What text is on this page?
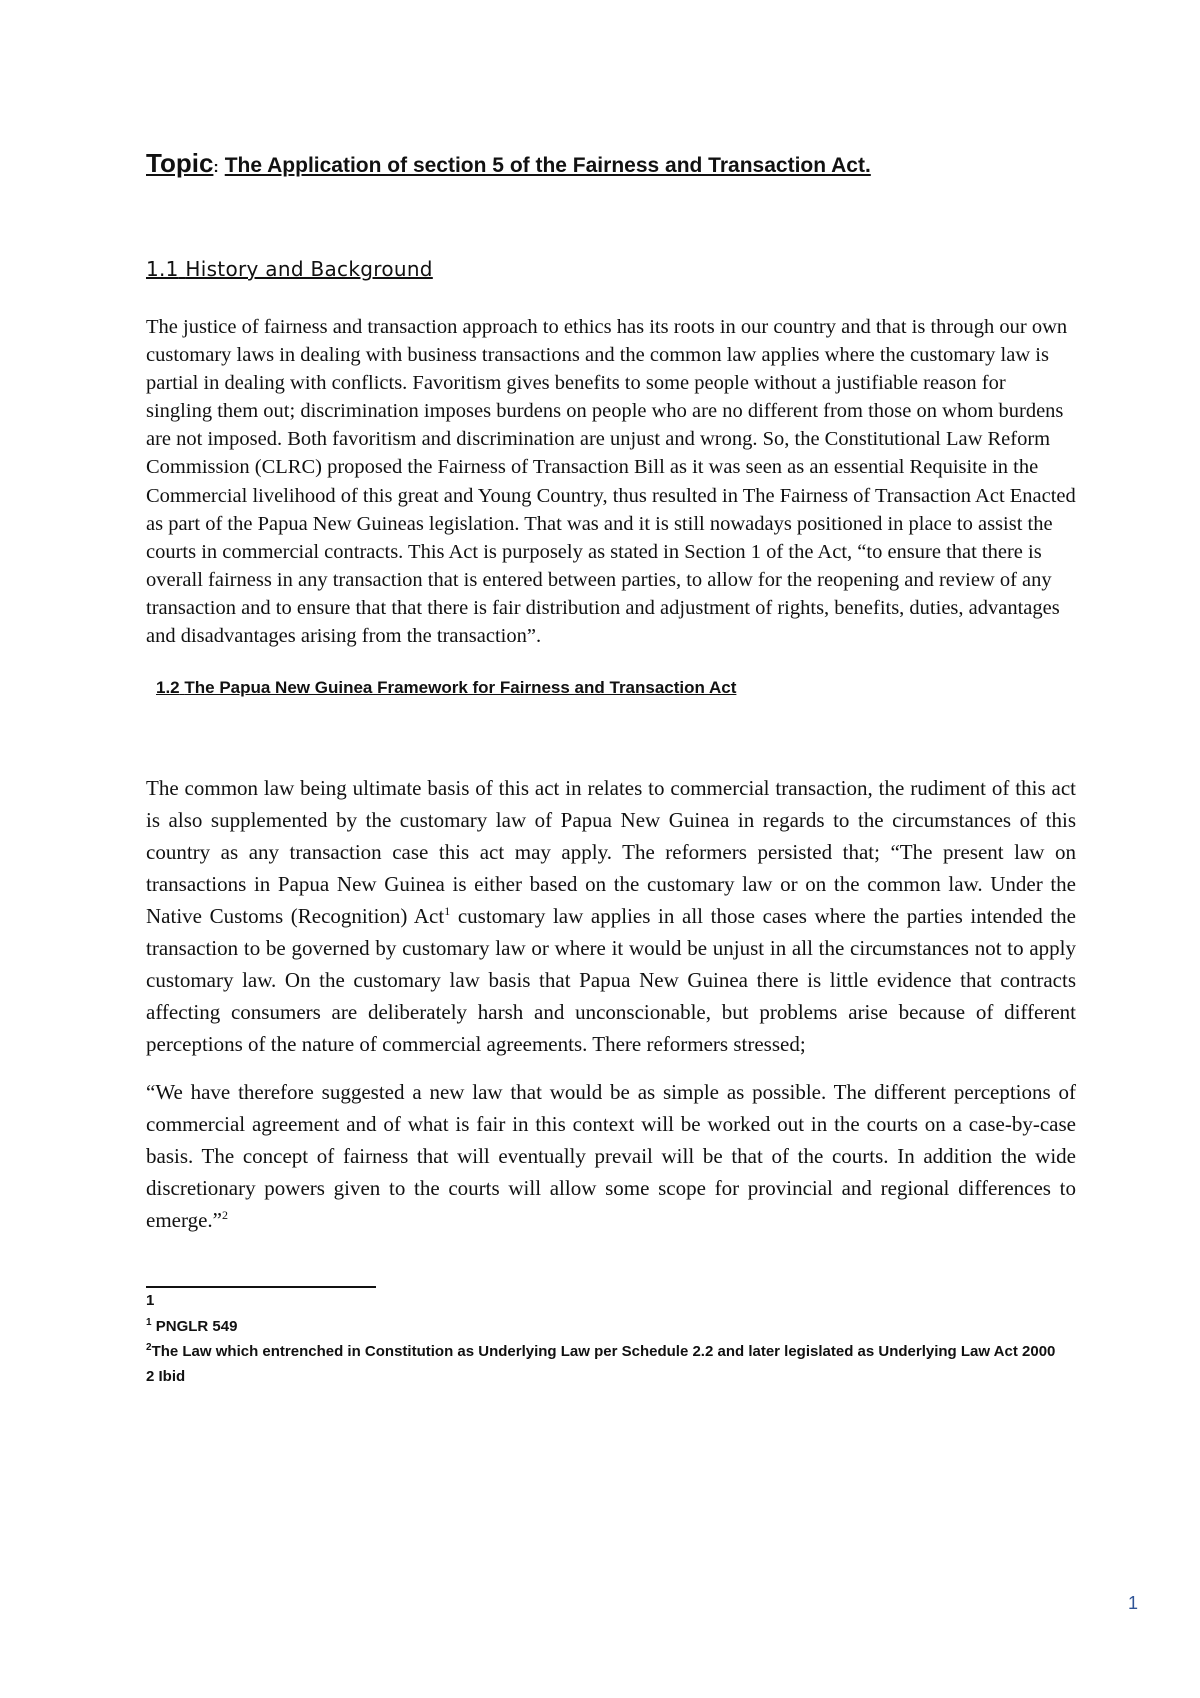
Topic: The Application of section 5 of the Fairness and Transaction Act.

1.1 History and Background

The justice of fairness and transaction approach to ethics has its roots in our country and that is through our own customary laws in dealing with business transactions and the common law applies where the customary law is partial in dealing with conflicts. Favoritism gives benefits to some people without a justifiable reason for singling them out; discrimination imposes burdens on people who are no different from those on whom burdens are not imposed. Both favoritism and discrimination are unjust and wrong. So, the Constitutional Law Reform Commission (CLRC) proposed the Fairness of Transaction Bill as it was seen as an essential Requisite in the Commercial livelihood of this great and Young Country, thus resulted in The Fairness of Transaction Act Enacted as part of the Papua New Guineas legislation. That was and it is still nowadays positioned in place to assist the courts in commercial contracts. This Act is purposely as stated in Section 1 of the Act, “to ensure that there is overall fairness in any transaction that is entered between parties, to allow for the reopening and review of any transaction and to ensure that that there is fair distribution and adjustment of rights, benefits, duties, advantages and disadvantages arising from the transaction”.

1.2 The Papua New Guinea Framework for Fairness and Transaction Act

The common law being ultimate basis of this act in relates to commercial transaction, the rudiment of this act is also supplemented by the customary law of Papua New Guinea in regards to the circumstances of this country as any transaction case this act may apply. The reformers persisted that; “The present law on transactions in Papua New Guinea is either based on the customary law or on the common law. Under the Native Customs (Recognition) Act$^1$ customary law applies in all those cases where the parties intended the transaction to be governed by customary law or where it would be unjust in all the circumstances not to apply customary law. On the customary law basis that Papua New Guinea there is little evidence that contracts affecting consumers are deliberately harsh and unconscionable, but problems arise because of different perceptions of the nature of commercial agreements. There reformers stressed;

“We have therefore suggested a new law that would be as simple as possible. The different perceptions of commercial agreement and of what is fair in this context will be worked out in the courts on a case-by-case basis. The concept of fairness that will eventually prevail will be that of the courts. In addition the wide discretionary powers given to the courts will allow some scope for provincial and regional differences to emerge.”$^2$

1

$^1$ PNGLR 549

$^2$The Law which entrenched in Constitution as Underlying Law per Schedule 2.2 and later legislated as Underlying Law Act 2000

2 Ibid

1
